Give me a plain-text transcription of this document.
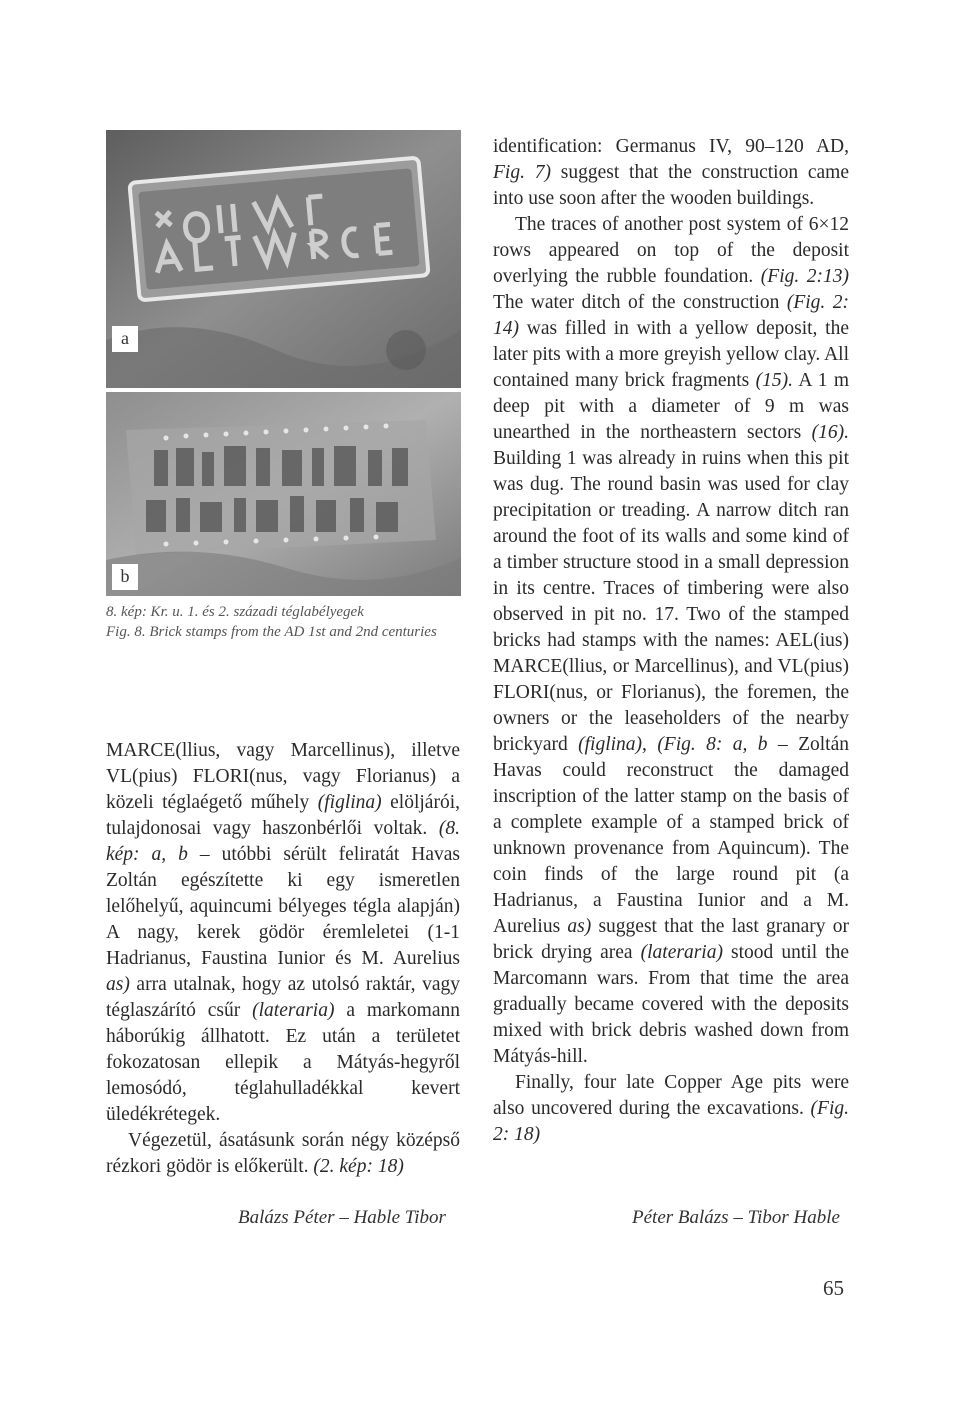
a
b

8. kép: Kr. u. 1. és 2. századi téglabélyegek

Fig. 8. Brick stamps from the AD 1st and 2nd centuries

MARCE(llius, vagy Marcellinus), illetve VL(pius) FLORI(nus, vagy Florianus) a közeli téglaégető műhely (figlina) elöljárói, tulajdonosai vagy haszonbérlői voltak. (8. kép: a, b – utóbbi sérült feliratát Havas Zoltán egészítette ki egy ismeretlen lelőhelyű, aquincumi bélyeges tégla alapján) A nagy, kerek gödör éremleletei (1-1 Hadrianus, Faustina Iunior és M. Aurelius as) arra utalnak, hogy az utolsó raktár, vagy téglaszárító csűr (lateraria) a markomann háborúkig állhatott. Ez után a területet fokozatosan ellepik a Mátyás-hegyről lemosódó, téglahulladékkal kevert üledékrétegek.

Végezetül, ásatásunk során négy középső rézkori gödör is előkerült. (2. kép: 18)

identification: Germanus IV, 90–120 AD, Fig. 7) suggest that the construction came into use soon after the wooden buildings.

The traces of another post system of 6×12 rows appeared on top of the deposit overlying the rubble foundation. (Fig. 2:13) The water ditch of the construction (Fig. 2: 14) was filled in with a yellow deposit, the later pits with a more greyish yellow clay. All contained many brick fragments (15). A 1 m deep pit with a diameter of 9 m was unearthed in the northeastern sectors (16). Building 1 was already in ruins when this pit was dug. The round basin was used for clay precipitation or treading. A narrow ditch ran around the foot of its walls and some kind of a timber structure stood in a small depression in its centre. Traces of timbering were also observed in pit no. 17. Two of the stamped bricks had stamps with the names: AEL(ius) MARCE(llius, or Marcellinus), and VL(pius) FLORI(nus, or Florianus), the foremen, the owners or the leaseholders of the nearby brickyard (figlina), (Fig. 8: a, b – Zoltán Havas could reconstruct the damaged inscription of the latter stamp on the basis of a complete example of a stamped brick of unknown provenance from Aquincum). The coin finds of the large round pit (a Hadrianus, a Faustina Iunior and a M. Aurelius as) suggest that the last granary or brick drying area (lateraria) stood until the Marcomann wars. From that time the area gradually became covered with the deposits mixed with brick debris washed down from Mátyás-hill.

Finally, four late Copper Age pits were also uncovered during the excavations. (Fig. 2: 18)

Balázs Péter – Hable Tibor	Péter Balázs – Tibor Hable
65
